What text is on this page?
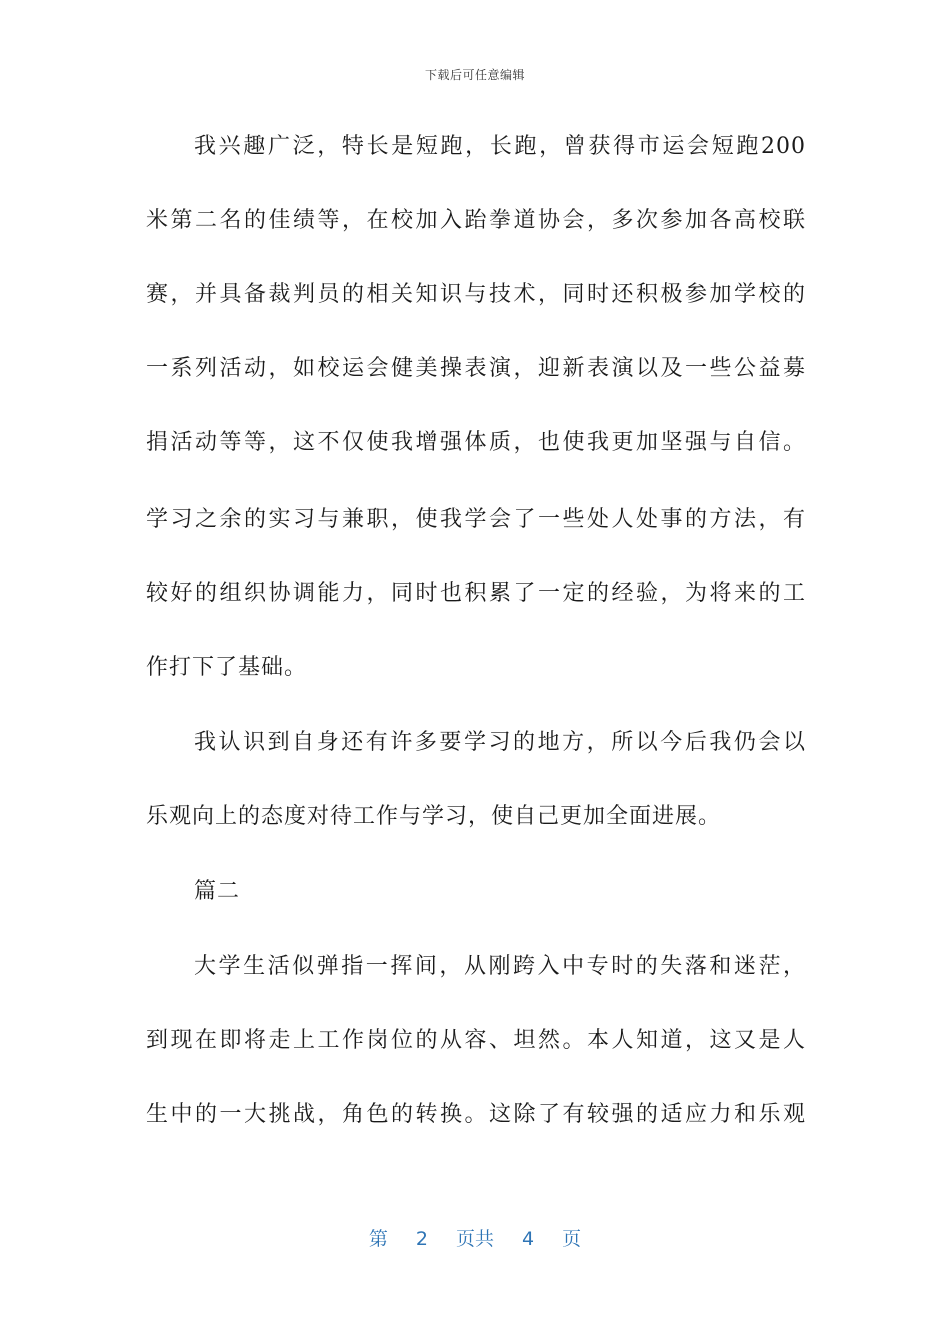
下载后可任意编辑
我兴趣广泛，特长是短跑，长跑，曾获得市运会短跑200
米第二名的佳绩等，在校加入跆拳道协会，多次参加各高校联
赛，并具备裁判员的相关知识与技术，同时还积极参加学校的
一系列活动，如校运会健美操表演，迎新表演以及一些公益募
捐活动等等，这不仅使我增强体质，也使我更加坚强与自信。
学习之余的实习与兼职，使我学会了一些处人处事的方法，有
较好的组织协调能力，同时也积累了一定的经验，为将来的工
作打下了基础。
我认识到自身还有许多要学习的地方，所以今后我仍会以
乐观向上的态度对待工作与学习，使自己更加全面进展。
篇二
大学生活似弹指一挥间，从刚跨入中专时的失落和迷茫，
到现在即将走上工作岗位的从容、坦然。本人知道，这又是人
生中的一大挑战，角色的转换。这除了有较强的适应力和乐观
第 2 页共 4 页
